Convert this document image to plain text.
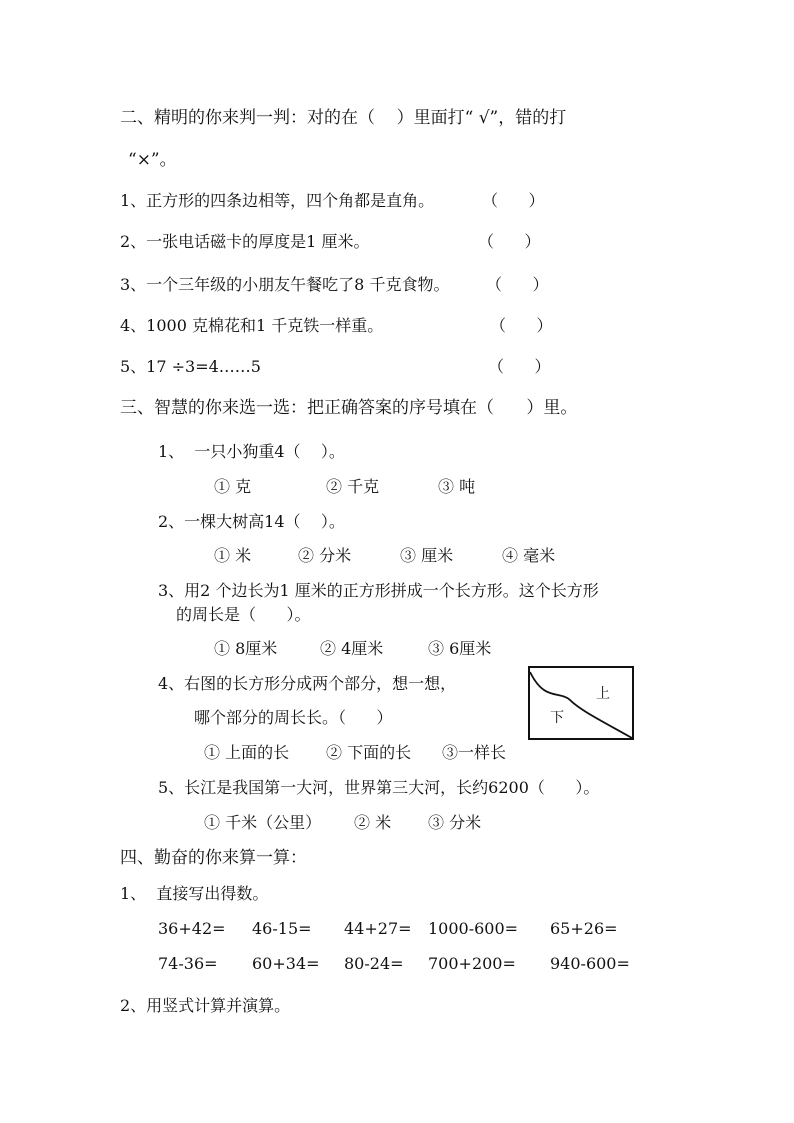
二、精明的你来判一判：对的在（    ）里面打“ √”，错的打
“×”。
1、正方形的四条边相等，四个角都是直角。	（      ）
2、一张电话磁卡的厚度是1 厘米。	（      ）
3、一个三年级的小朋友午餐吃了8 千克食物。 （      ）
4、1000 克棉花和1 千克铁一样重。	（      ）
5、17 ÷3=4……5	（      ）
三、智慧的你来选一选：把正确答案的序号填在（      ）里。
1、  一只小狗重4（    ）。
① 克	② 千克	③ 吨
2、一棵大树高14（    ）。
① 米	② 分米	③ 厘米	④ 毫米
3、用2 个边长为1 厘米的正方形拼成一个长方形。这个长方形
的周长是（      ）。
① 8厘米	② 4厘米	③ 6厘米
4、右图的长方形分成两个部分，想一想，
哪个部分的周长长。（      ）
上
下
① 上面的长 ② 下面的长 ③一样长
5、长江是我国第一大河，世界第三大河，长约6200（      ）。
① 千米（公里） ② 米 ③ 分米
四、勤奋的你来算一算：
1、  直接写出得数。
36+42= 46-15= 44+27= 1000-600= 65+26=
74-36= 60+34= 80-24= 700+200= 940-600=
2、用竖式计算并演算。
